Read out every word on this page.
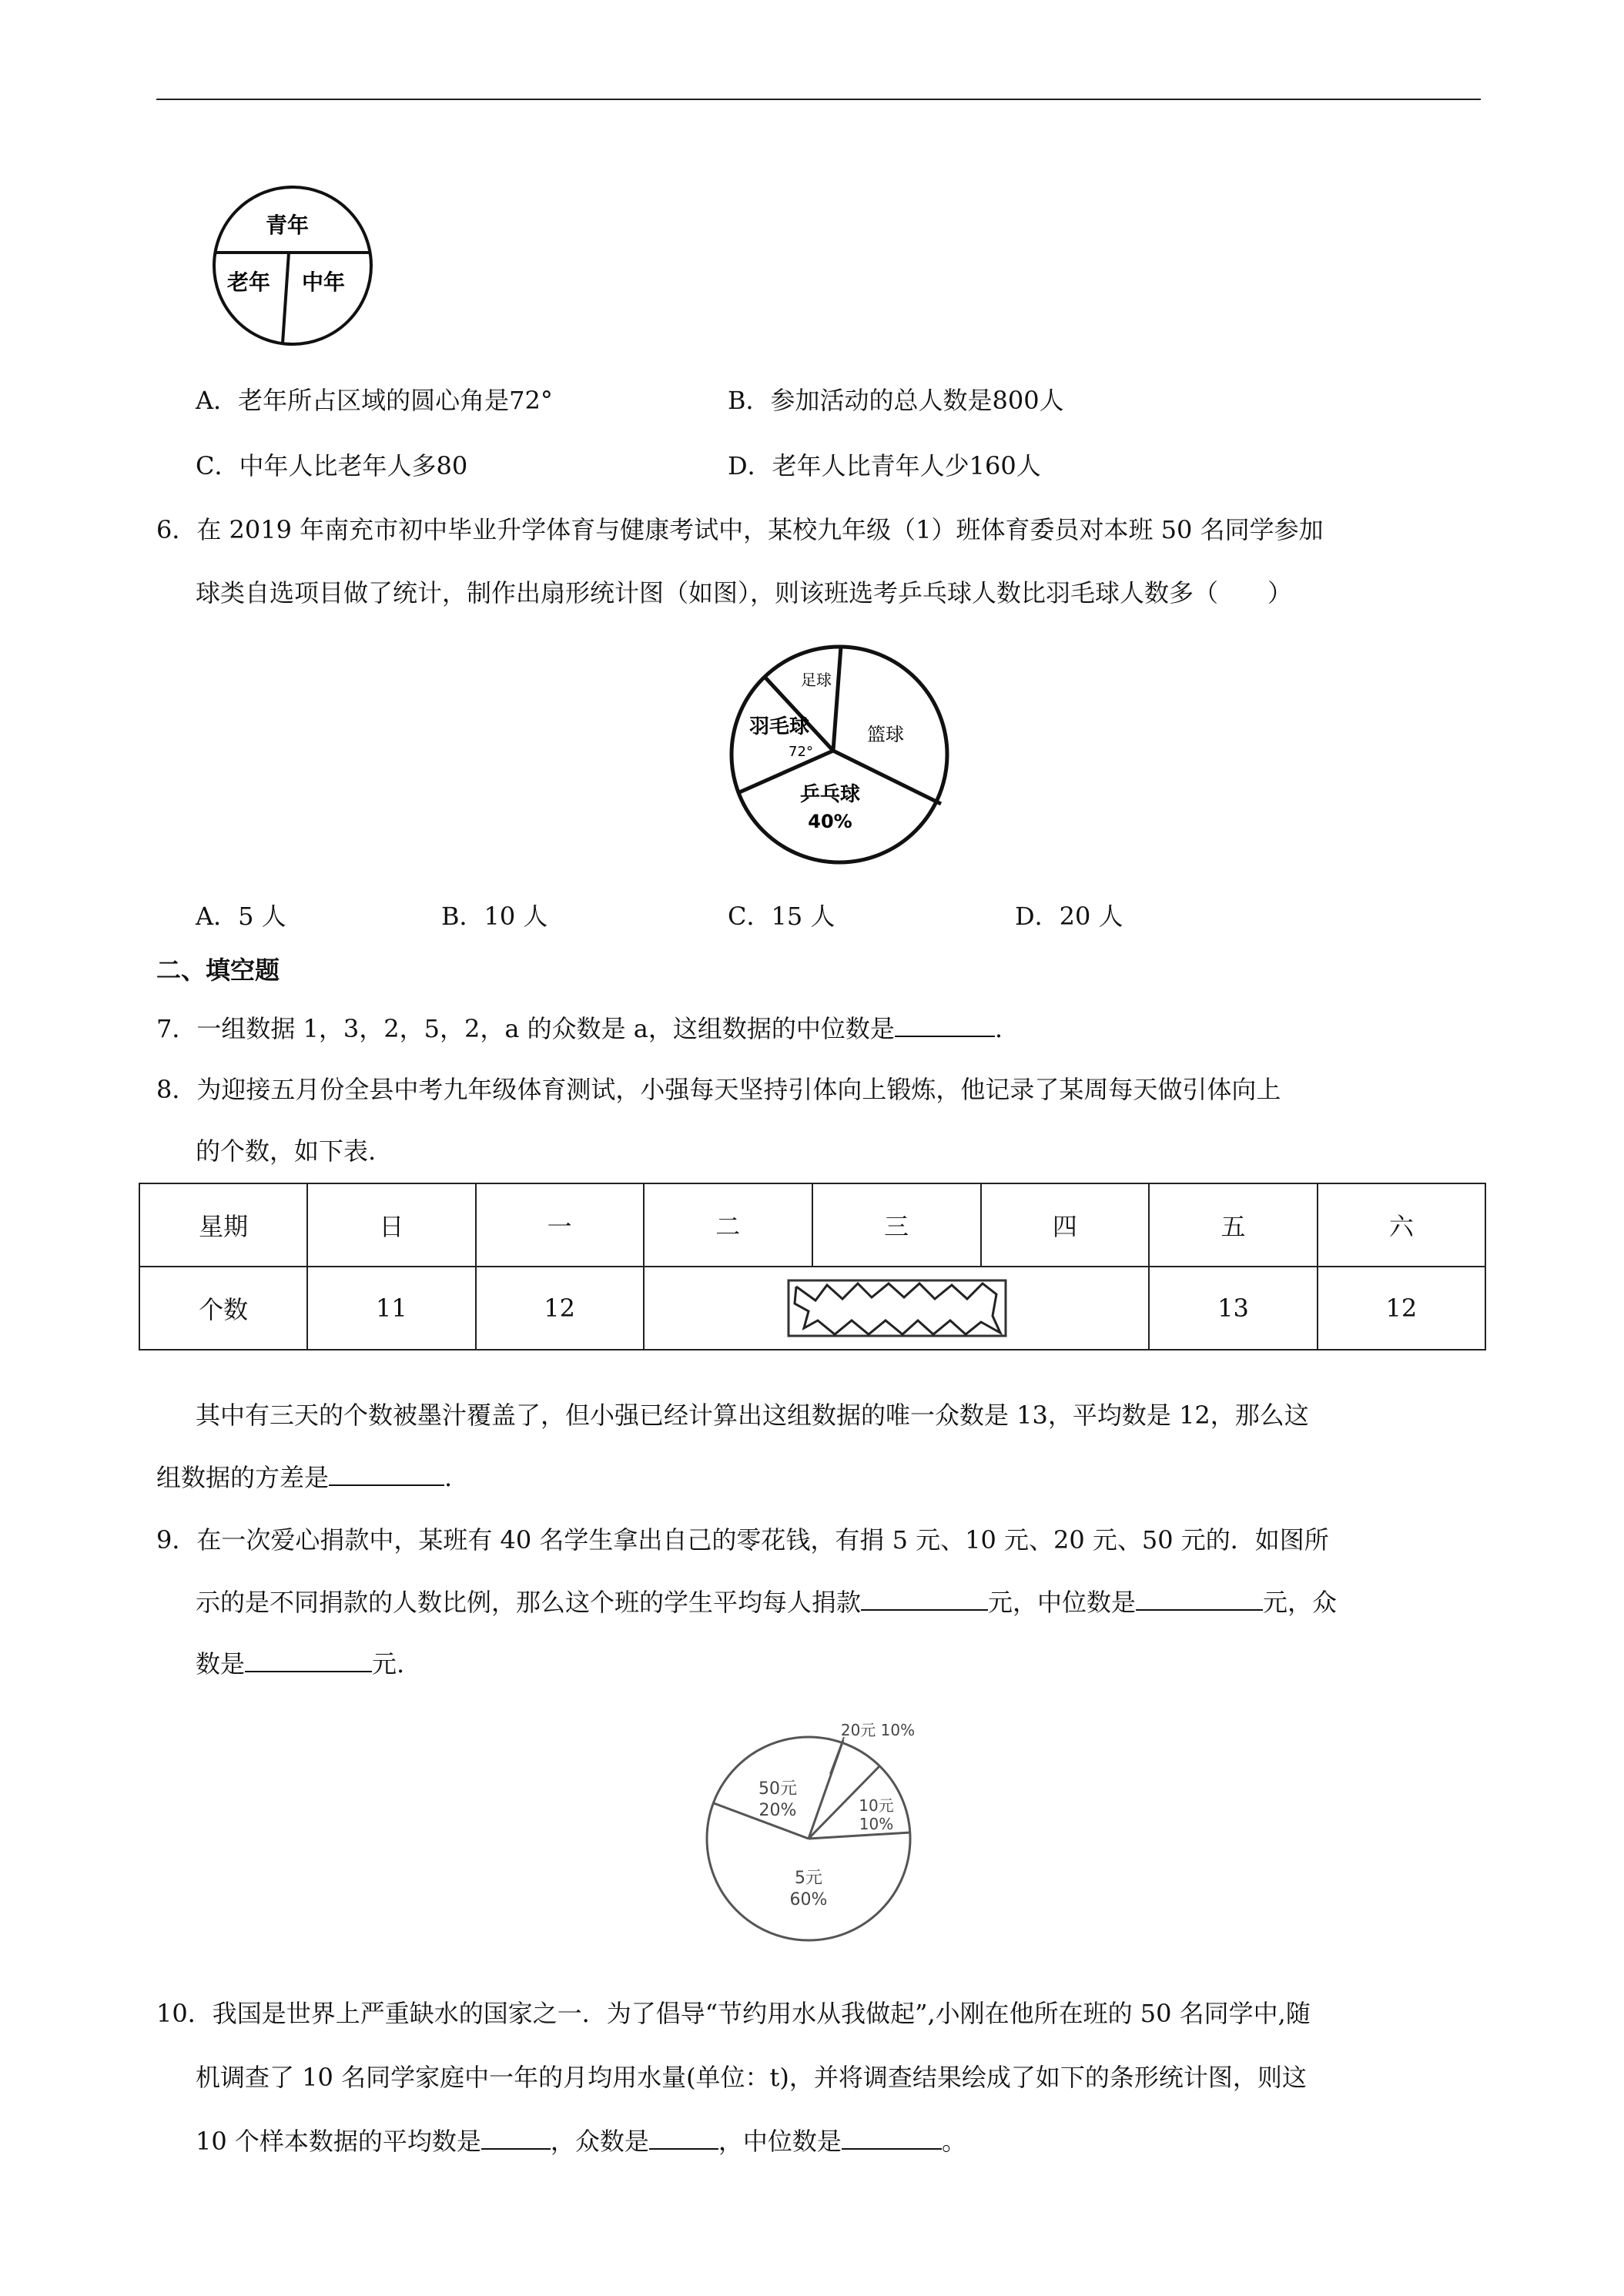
青年
老年 中年
A．老年所占区域的圆心角是72°	B．参加活动的总人数是800人
C．中年人比老年人多80	D．老年人比青年人少160人
6．在 2019 年南充市初中毕业升学体育与健康考试中，某校九年级（1）班体育委员对本班 50 名同学参加
球类自选项目做了统计，制作出扇形统计图（如图），则该班选考乒乓球人数比羽毛球人数多（　　）
足球
篮球
羽毛球
72°
乒乓球
40%
A．5 人	B．10 人	C．15 人	D．20 人
二、填空题
7．一组数据 1，3，2，5，2，a 的众数是 a，这组数据的中位数是	.
8．为迎接五月份全县中考九年级体育测试，小强每天坚持引体向上锻炼，他记录了某周每天做引体向上
的个数，如下表.
星期	日	一	二	三	四	五	六
个数	11	12				13	12
其中有三天的个数被墨汁覆盖了，但小强已经计算出这组数据的唯一众数是 13，平均数是 12，那么这
组数据的方差是	.
9．在一次爱心捐款中，某班有 40 名学生拿出自己的零花钱，有捐 5 元、10 元、20 元、50 元的．如图所
示的是不同捐款的人数比例，那么这个班的学生平均每人捐款	元，中位数是	元，众
数是	元.
20元 10%
50元
20%	10元
10%
5元
60%
10．我国是世界上严重缺水的国家之一．为了倡导“节约用水从我做起”,小刚在他所在班的 50 名同学中,随
机调查了 10 名同学家庭中一年的月均用水量(单位：t)，并将调查结果绘成了如下的条形统计图，则这
10 个样本数据的平均数是	，众数是	，中位数是	。
